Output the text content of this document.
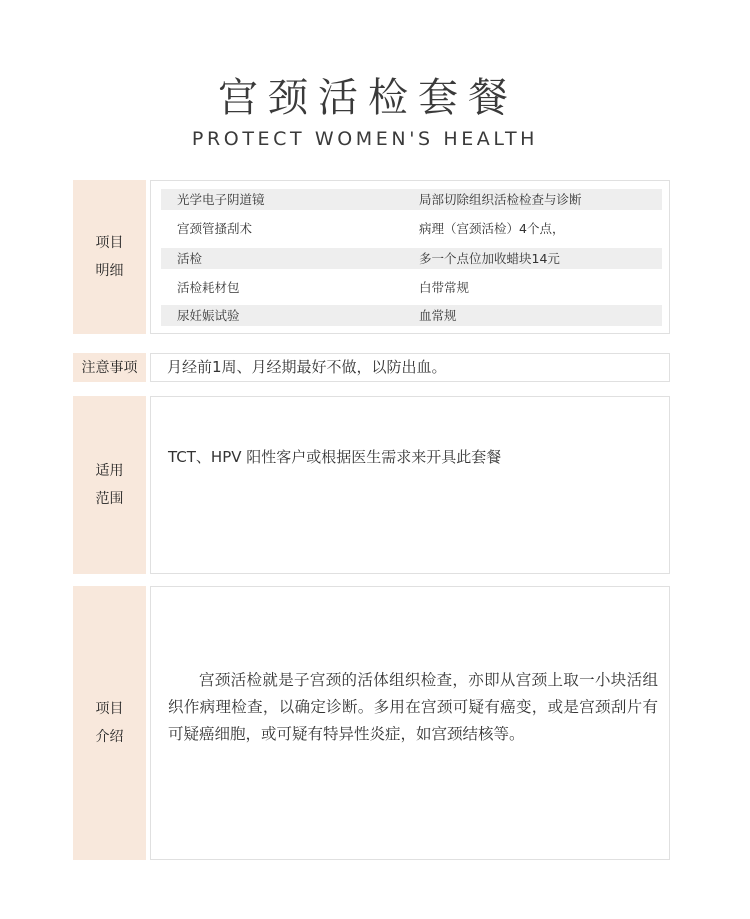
宫颈活检套餐
PROTECT WOMEN'S HEALTH
项目
明细
光学电子阴道镜	局部切除组织活检检查与诊断
宫颈管搔刮术	病理（宫颈活检）4个点，
活检	多一个点位加收蜡块14元
活检耗材包	白带常规
尿妊娠试验	血常规
注意事项	月经前1周、月经期最好不做，以防出血。
适用
范围
TCT、HPV 阳性客户或根据医生需求来开具此套餐
项目
介绍
宫颈活检就是子宫颈的活体组织检查，亦即从宫颈上取一小块活组织作病理检查，以确定诊断。多用在宫颈可疑有癌变，或是宫颈刮片有可疑癌细胞，或可疑有特异性炎症，如宫颈结核等。
